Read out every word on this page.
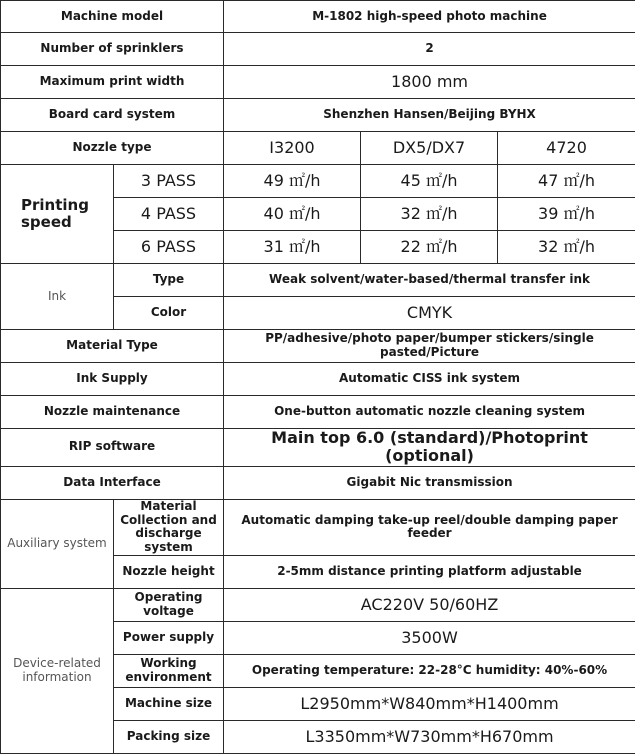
Machine model		M-1802 high-speed photo machine		
Number of sprinklers		2		
Maximum print width		1800 mm		
Board card system		Shenzhen Hansen/Beijing BYHX		
Nozzle type		I3200	DX5/DX7	4720
Printing speed	3 PASS	49 ㎡/h	45 ㎡/h	47 ㎡/h
	4 PASS	40 ㎡/h	32 ㎡/h	39 ㎡/h
	6 PASS	31 ㎡/h	22 ㎡/h	32 ㎡/h
Ink	Type	Weak solvent/water-based/thermal transfer ink		
	Color	CMYK		
Material Type		PP/adhesive/photo paper/bumper stickers/single pasted/Picture		
Ink Supply		Automatic CISS ink system		
Nozzle maintenance		One-button automatic nozzle cleaning system		
RIP software		Main top 6.0 (standard)/Photoprint (optional)		
Data Interface		Gigabit Nic transmission		
Auxiliary system	Material Collection and discharge system	Automatic damping take-up reel/double damping paper feeder		
	Nozzle height	2-5mm distance printing platform adjustable		
Device-related information	Operating voltage	AC220V 50/60HZ		
	Power supply	3500W		
	Working environment	Operating temperature: 22-28°C humidity: 40%-60%		
	Machine size	L2950mm*W840mm*H1400mm		
	Packing size	L3350mm*W730mm*H670mm		
